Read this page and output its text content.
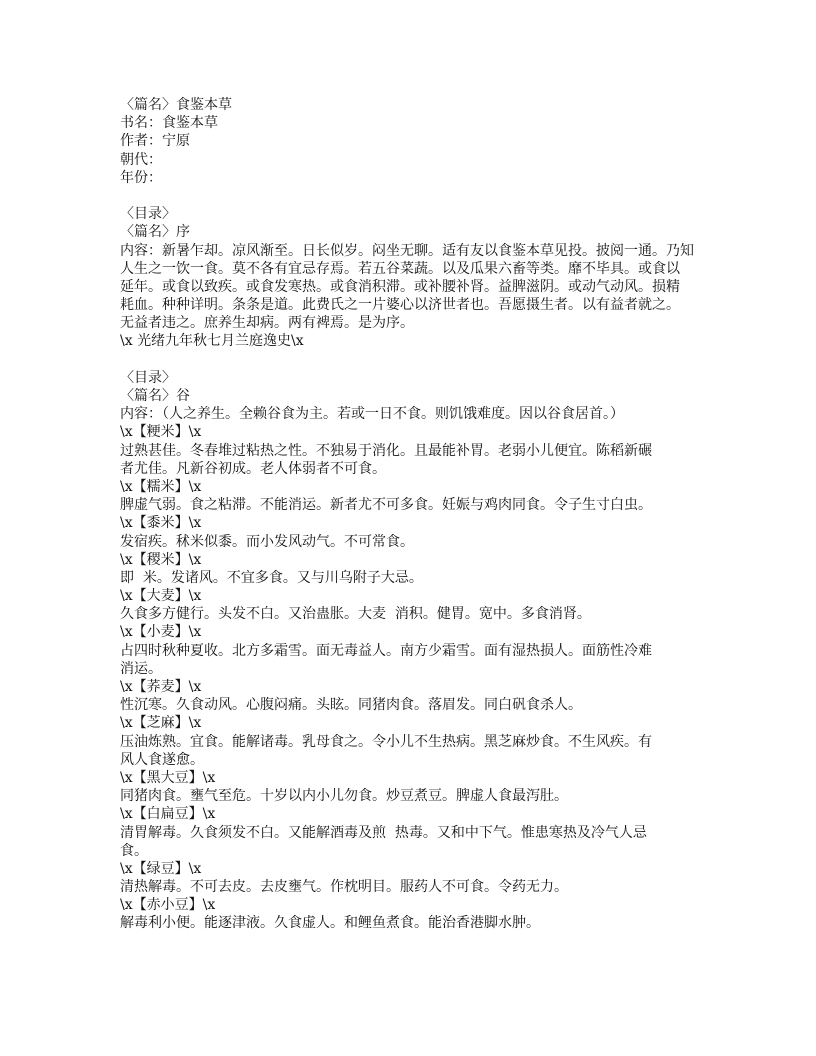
〈篇名〉食鉴本草
书名：食鉴本草
作者：宁原
朝代：
年份：
〈目录〉
〈篇名〉序
内容：新暑乍却。凉风渐至。日长似岁。闷坐无聊。适有友以食鉴本草见投。披阅一通。乃知
人生之一饮一食。莫不各有宜忌存焉。若五谷菜蔬。以及瓜果六畜等类。靡不毕具。或食以
延年。或食以致疾。或食发寒热。或食消积滞。或补腰补肾。益脾滋阴。或动气动风。损精
耗血。种种详明。条条是道。此费氏之一片婆心以济世者也。吾愿摄生者。以有益者就之。
无益者违之。庶养生却病。两有裨焉。是为序。
\x 光绪九年秋七月兰庭逸史\x
〈目录〉
〈篇名〉谷
内容：（人之养生。全赖谷食为主。若或一日不食。则饥饿难度。因以谷食居首。）
\x【粳米】\x
过熟甚佳。冬春堆过粘热之性。不独易于消化。且最能补胃。老弱小儿便宜。陈稻新碾
者尤佳。凡新谷初成。老人体弱者不可食。
\x【糯米】\x
脾虚气弱。食之粘滞。不能消运。新者尤不可多食。妊娠与鸡肉同食。令子生寸白虫。
\x【黍米】\x
发宿疾。秫米似黍。而小发风动气。不可常食。
\x【稷米】\x
即  米。发诸风。不宜多食。又与川乌附子大忌。
\x【大麦】\x
久食多方健行。头发不白。又治蛊胀。大麦  消积。健胃。宽中。多食消肾。
\x【小麦】\x
占四时秋种夏收。北方多霜雪。面无毒益人。南方少霜雪。面有湿热损人。面筋性冷难
消运。
\x【荞麦】\x
性沉寒。久食动风。心腹闷痛。头眩。同猪肉食。落眉发。同白矾食杀人。
\x【芝麻】\x
压油炼熟。宜食。能解诸毒。乳母食之。令小儿不生热病。黑芝麻炒食。不生风疾。有
风人食遂愈。
\x【黑大豆】\x
同猪肉食。壅气至危。十岁以内小儿勿食。炒豆煮豆。脾虚人食最泻肚。
\x【白扁豆】\x
清胃解毒。久食须发不白。又能解酒毒及煎  热毒。又和中下气。惟患寒热及冷气人忌
食。
\x【绿豆】\x
清热解毒。不可去皮。去皮壅气。作枕明目。服药人不可食。令药无力。
\x【赤小豆】\x
解毒利小便。能逐津液。久食虚人。和鲤鱼煮食。能治香港脚水肿。
